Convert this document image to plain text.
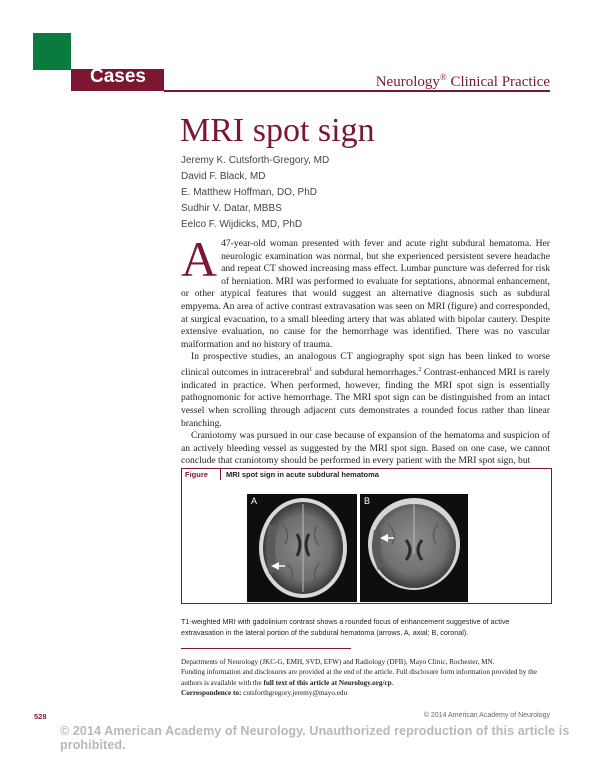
Cases	Neurology® Clinical Practice
MRI spot sign
Jeremy K. Cutsforth-Gregory, MD
David F. Black, MD
E. Matthew Hoffman, DO, PhD
Sudhir V. Datar, MBBS
Eelco F. Wijdicks, MD, PhD

A 47-year-old woman presented with fever and acute right subdural hematoma. Her neurologic examination was normal, but she experienced persistent severe headache and repeat CT showed increasing mass effect. Lumbar puncture was deferred for risk of herniation. MRI was performed to evaluate for septations, abnormal enhancement, or other atypical features that would suggest an alternative diagnosis such as subdural empyema. An area of active contrast extravasation was seen on MRI (figure) and corresponded, at surgical evacuation, to a small bleeding artery that was ablated with bipolar cautery. Despite extensive evaluation, no cause for the hemorrhage was identified. There was no vascular malformation and no history of trauma.

In prospective studies, an analogous CT angiography spot sign has been linked to worse clinical outcomes in intracerebral$^1$ and subdural hemorrhages.$^2$ Contrast-enhanced MRI is rarely indicated in practice. When performed, however, finding the MRI spot sign is essentially pathognomonic for active hemorrhage. The MRI spot sign can be distinguished from an intact vessel when scrolling through adjacent cuts demonstrates a rounded focus rather than linear branching.

Craniotomy was pursued in our case because of expansion of the hematoma and suspicion of an actively bleeding vessel as suggested by the MRI spot sign. Based on one case, we cannot conclude that craniotomy should be performed in every patient with the MRI spot sign, but

Figure MRI spot sign in acute subdural hematoma
A	B
T1-weighted MRI with gadolinium contrast shows a rounded focus of enhancement suggestive of active extravasation in the lateral portion of the subdural hematoma (arrows, A, axial; B, coronal).
Departments of Neurology (JKC-G, EMH, SVD, EFW) and Radiology (DFB), Mayo Clinic, Rochester, MN.
Funding information and disclosures are provided at the end of the article. Full disclosure form information provided by the authors is available with the full text of this article at Neurology.org/cp.
Correspondence to: cutsforthgregory.jeremy@mayo.edu
528	© 2014 American Academy of Neurology
© 2014 American Academy of Neurology. Unauthorized reproduction of this article is prohibited.
